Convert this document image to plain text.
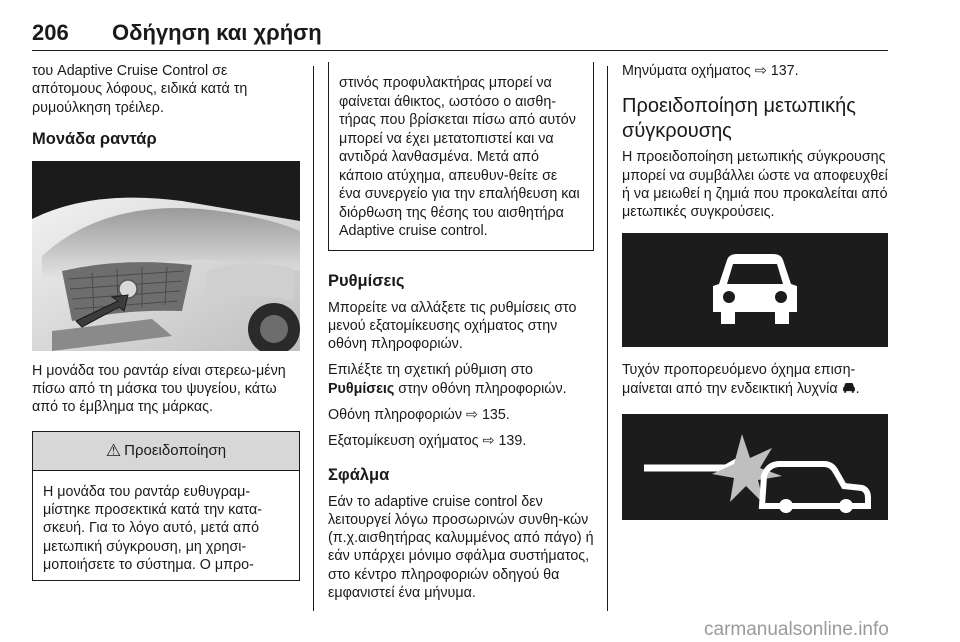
206 Οδήγηση και χρήση

του Adaptive Cruise Control σε απότομους λόφους, ειδικά κατά τη ρυμούλκηση τρέιλερ.

Μονάδα ραντάρ

Η μονάδα του ραντάρ είναι στερεω-μένη πίσω από τη μάσκα του ψυγείου, κάτω από το έμβλημα της μάρκας.

⚠ Προειδοποίηση

Η μονάδα του ραντάρ ευθυγραμ-μίστηκε προσεκτικά κατά την κατα-σκευή. Για το λόγο αυτό, μετά από μετωπική σύγκρουση, μη χρησι-μοποιήσετε το σύστημα. Ο μπρο-

στινός προφυλακτήρας μπορεί να φαίνεται άθικτος, ωστόσο ο αισθη-τήρας που βρίσκεται πίσω από αυτόν μπορεί να έχει μετατοπιστεί και να αντιδρά λανθασμένα. Μετά από κάποιο ατύχημα, απευθυν-θείτε σε ένα συνεργείο για την επαλήθευση και διόρθωση της θέσης του αισθητήρα Adaptive cruise control.

Ρυθμίσεις

Μπορείτε να αλλάξετε τις ρυθμίσεις στο μενού εξατομίκευσης οχήματος στην οθόνη πληροφοριών.

Επιλέξτε τη σχετική ρύθμιση στο Ρυθμίσεις στην οθόνη πληροφοριών.

Οθόνη πληροφοριών ⇨ 135.

Εξατομίκευση οχήματος ⇨ 139.

Σφάλμα

Εάν το adaptive cruise control δεν λειτουργεί λόγω προσωρινών συνθη-κών (π.χ.αισθητήρας καλυμμένος από πάγο) ή εάν υπάρχει μόνιμο σφάλμα συστήματος, στο κέντρο πληροφοριών οδηγού θα εμφανιστεί ένα μήνυμα.

Μηνύματα οχήματος ⇨ 137.

Προειδοποίηση μετωπικής σύγκρουσης

Η προειδοποίηση μετωπικής σύγκρουσης μπορεί να συμβάλλει ώστε να αποφευχθεί ή να μειωθεί η ζημιά που προκαλείται από μετωπικές συγκρούσεις.

Τυχόν προπορευόμενο όχημα επιση-μαίνεται από την ενδεικτική λυχνία .

carmanualsonline.info
